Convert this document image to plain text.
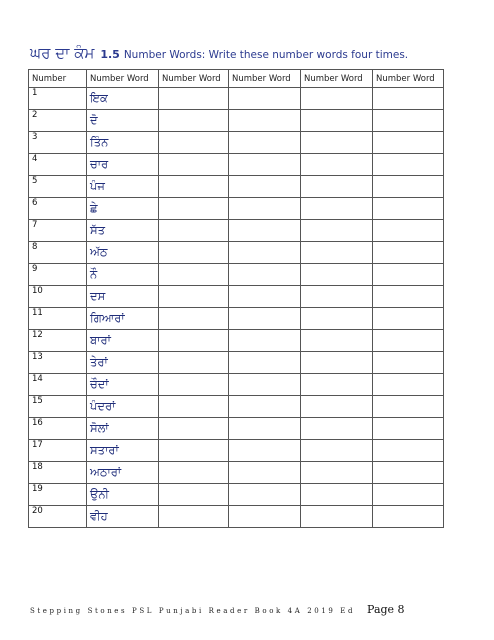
ਘਰ ਦਾ ਕੰਮ 1.5 Number Words: Write these number words four times.
Number	Number Word	Number Word	Number Word	Number Word	Number Word
1	ਇਕ				
2	ਦੋ				
3	ਤਿੰਨ				
4	ਚਾਰ				
5	ਪੰਜ				
6	ਛੇ				
7	ਸੱਤ				
8	ਅੱਠ				
9	ਨੌ				
10	ਦਸ				
11	ਗਿਆਰਾਂ				
12	ਬਾਰਾਂ				
13	ਤੇਰਾਂ				
14	ਚੌਦਾਂ				
15	ਪੰਦਰਾਂ				
16	ਸੋਲਾਂ				
17	ਸਤਾਰਾਂ				
18	ਅਠਾਰਾਂ				
19	ਉਨੀ				
20	ਵੀਹ				
Stepping Stones PSL Punjabi Reader Book 4A 2019 Ed Page 8
